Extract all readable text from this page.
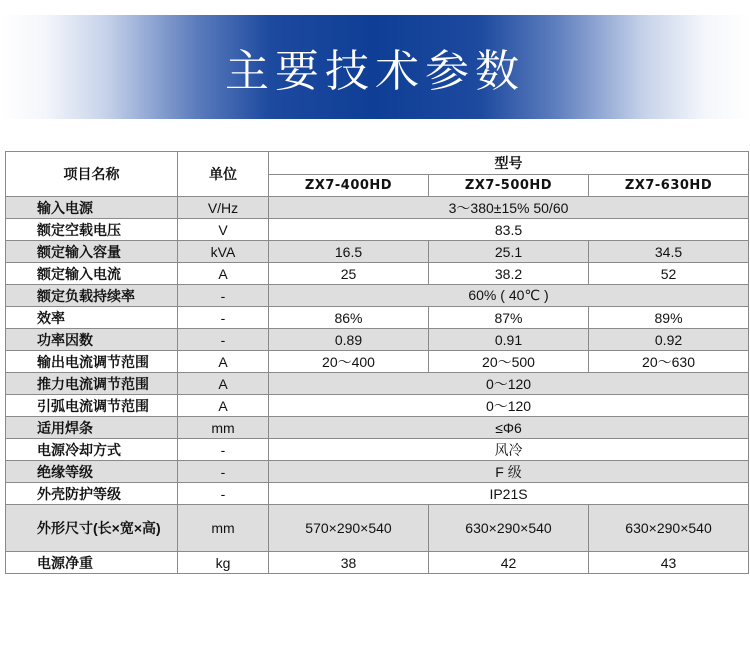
主要技术参数
项目名称	单位	型号		
		ZX7-400HD	ZX7-500HD	ZX7-630HD
输入电源	V/Hz	3～380±15% 50/60		
额定空载电压	V	83.5		
额定输入容量	kVA	16.5	25.1	34.5
额定输入电流	A	25	38.2	52
额定负载持续率	-	60% ( 40℃ )		
效率	-	86%	87%	89%
功率因数	-	0.89	0.91	0.92
输出电流调节范围	A	20～400	20～500	20～630
推力电流调节范围	A	0～120		
引弧电流调节范围	A	0～120		
适用焊条	mm	≤Φ6		
电源冷却方式	-	风冷		
绝缘等级	-	F 级		
外壳防护等级	-	IP21S		
外形尺寸(长×宽×高)	mm	570×290×540	630×290×540	630×290×540
电源净重	kg	38	42	43
